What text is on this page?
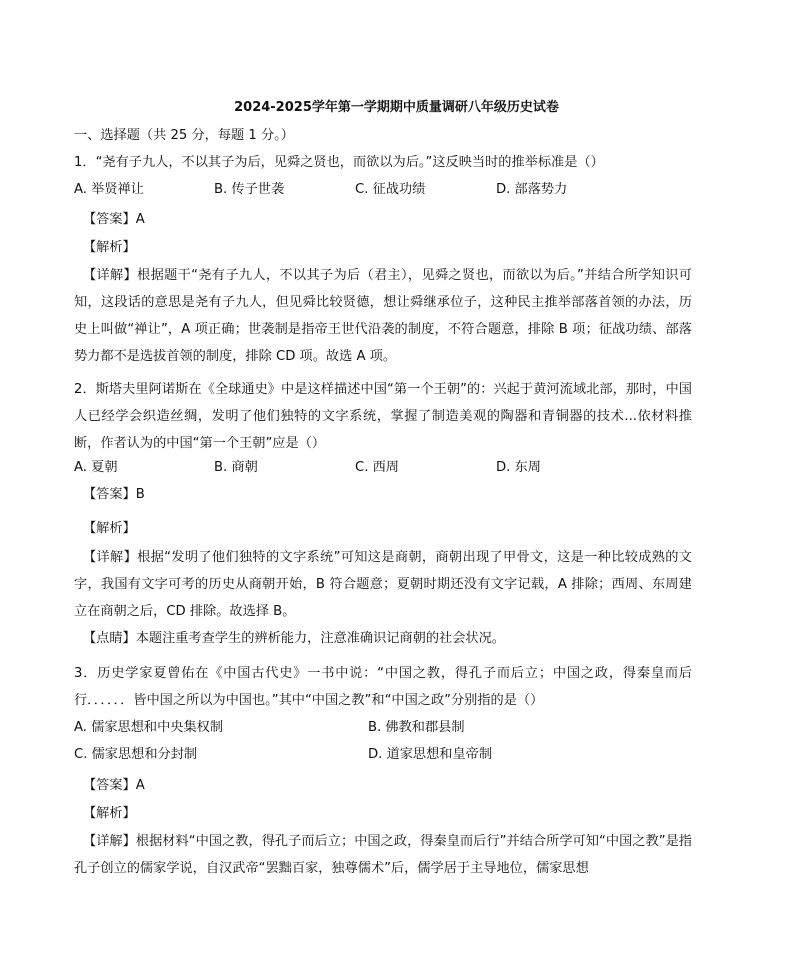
2024-2025学年第一学期期中质量调研八年级历史试卷
一、选择题（共 25 分，每题 1 分。）
1．“尧有子九人，不以其子为后，见舜之贤也，而欲以为后。”这反映当时的推举标准是（）
A. 举贤禅让	B. 传子世袭	C. 征战功绩	D. 部落势力
【答案】A
【解析】
【详解】根据题干“尧有子九人，不以其子为后（君主），见舜之贤也，而欲以为后。”并结合所学知识可知，这段话的意思是尧有子九人，但见舜比较贤德，想让舜继承位子，这种民主推举部落首领的办法，历史上叫做“禅让”，A 项正确；世袭制是指帝王世代沿袭的制度，不符合题意，排除 B 项；征战功绩、部落势力都不是选拔首领的制度，排除 CD 项。故选 A 项。
2．斯塔夫里阿诺斯在《全球通史》中是这样描述中国“第一个王朝”的：兴起于黄河流域北部，那时，中国人已经学会织造丝绸，发明了他们独特的文字系统，掌握了制造美观的陶器和青铜器的技术...依材料推断，作者认为的中国“第一个王朝”应是（）
A. 夏朝	B. 商朝	C. 西周	D. 东周
【答案】B
【解析】
【详解】根据“发明了他们独特的文字系统”可知这是商朝，商朝出现了甲骨文，这是一种比较成熟的文字，我国有文字可考的历史从商朝开始，B 符合题意；夏朝时期还没有文字记载，A 排除；西周、东周建立在商朝之后，CD 排除。故选择 B。
【点睛】本题注重考查学生的辨析能力，注意准确识记商朝的社会状况。
3．历史学家夏曾佑在《中国古代史》一书中说：“中国之教，得孔子而后立；中国之政，得秦皇而后行．．．．．．皆中国之所以为中国也。”其中“中国之教”和“中国之政”分别指的是（）
A. 儒家思想和中央集权制	B. 佛教和郡县制
C. 儒家思想和分封制	D. 道家思想和皇帝制
【答案】A
【解析】
【详解】根据材料“中国之教，得孔子而后立；中国之政，得秦皇而后行”并结合所学可知“中国之教”是指孔子创立的儒家学说，自汉武帝“罢黜百家，独尊儒术”后，儒学居于主导地位，儒家思想
